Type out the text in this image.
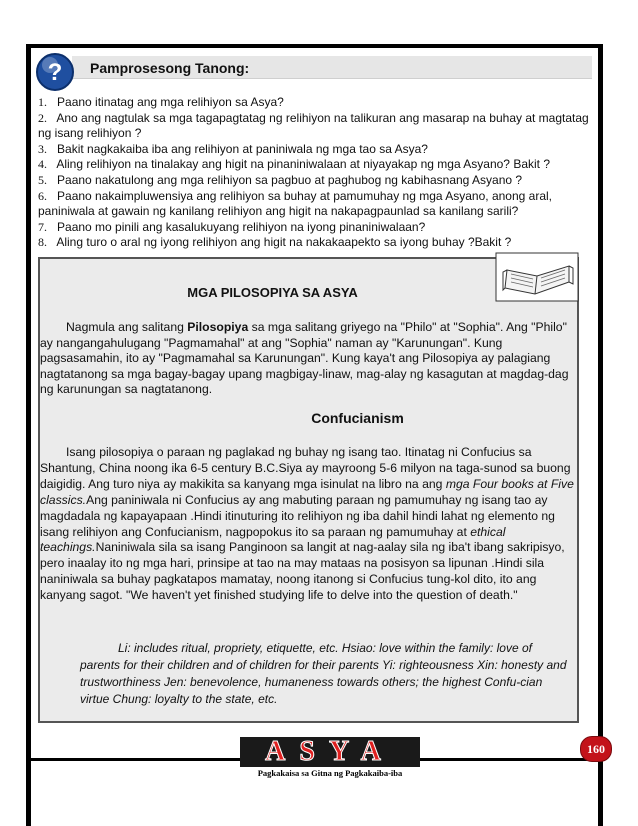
? Pamprosesong Tanong:

1. Paano itinatag ang mga relihiyon sa Asya?

2. Ano ang nagtulak sa mga tagapagtatag ng relihiyon na talikuran ang masarap na buhay at magtatag ng isang relihiyon ?

3. Bakit nagkakaiba iba ang relihiyon at paniniwala ng mga tao sa Asya?

4. Aling relihiyon na tinalakay ang higit na pinaniniwalaan at niyayakap ng mga Asyano? Bakit ?

5. Paano nakatulong ang mga relihiyon sa pagbuo at paghubog ng kabihasnang Asyano ?

6. Paano nakaimpluwensiya ang relihiyon sa buhay at pamumuhay ng mga Asyano, anong aral, paniniwala at gawain ng kanilang relihiyon ang higit na nakapagpaunlad sa kanilang sarili?

7. Paano mo pinili ang kasalukuyang relihiyon na iyong pinaniniwalaan?

8. Aling turo o aral ng iyong relihiyon ang higit na nakakaapekto sa iyong buhay ?Bakit ?

MGA PILOSOPIYA SA ASYA

Nagmula ang salitang Pilosopiya sa mga salitang griyego na "Philo" at "Sophia". Ang "Philo" ay nangangahulugang "Pagmamahal" at ang "Sophia" naman ay "Karunungan". Kung pagsasamahin, ito ay "Pagmamahal sa Karunungan". Kung kaya't ang Pilosopiya ay palagiang nagtatanong sa mga bagay-bagay upang magbigay-linaw, mag-alay ng kasagutan at magdag-dag ng karunungan sa nagtatanong.

Confucianism

Isang pilosopiya o paraan ng paglakad ng buhay ng isang tao. Itinatag ni Confucius sa Shantung, China noong ika 6-5 century B.C.Siya ay mayroong 5-6 milyon na taga-sunod sa buong daigidig. Ang turo niya ay makikita sa kanyang mga isinulat na libro na ang mga Four books at Five classics.Ang paniniwala ni Confucius ay ang mabuting paraan ng pamumuhay ng isang tao ay magdadala ng kapayapaan .Hindi itinuturing ito relihiyon ng iba dahil hindi lahat ng elemento ng isang relihiyon ang Confucianism, nagpopokus ito sa paraan ng pamumuhay at ethical teachings.Naniniwala sila sa isang Panginoon sa langit at nag-aalay sila ng iba't ibang sakripisyo, pero inaalay ito ng mga hari, prinsipe at tao na may mataas na posisyon sa lipunan .Hindi sila naniniwala sa buhay pagkatapos mamatay, noong itanong si Confucius tung-kol dito, ito ang kanyang sagot. "We haven't yet finished studying life to delve into the question of death."

Li: includes ritual, propriety, etiquette, etc. Hsiao: love within the family: love of parents for their children and of children for their parents Yi: righteousness Xin: honesty and trustworthiness Jen: benevolence, humaneness towards others; the highest Confu-cian virtue Chung: loyalty to the state, etc.

ASYA
Pagkakaisa sa Gitna ng Pagkakaiba-iba
160
